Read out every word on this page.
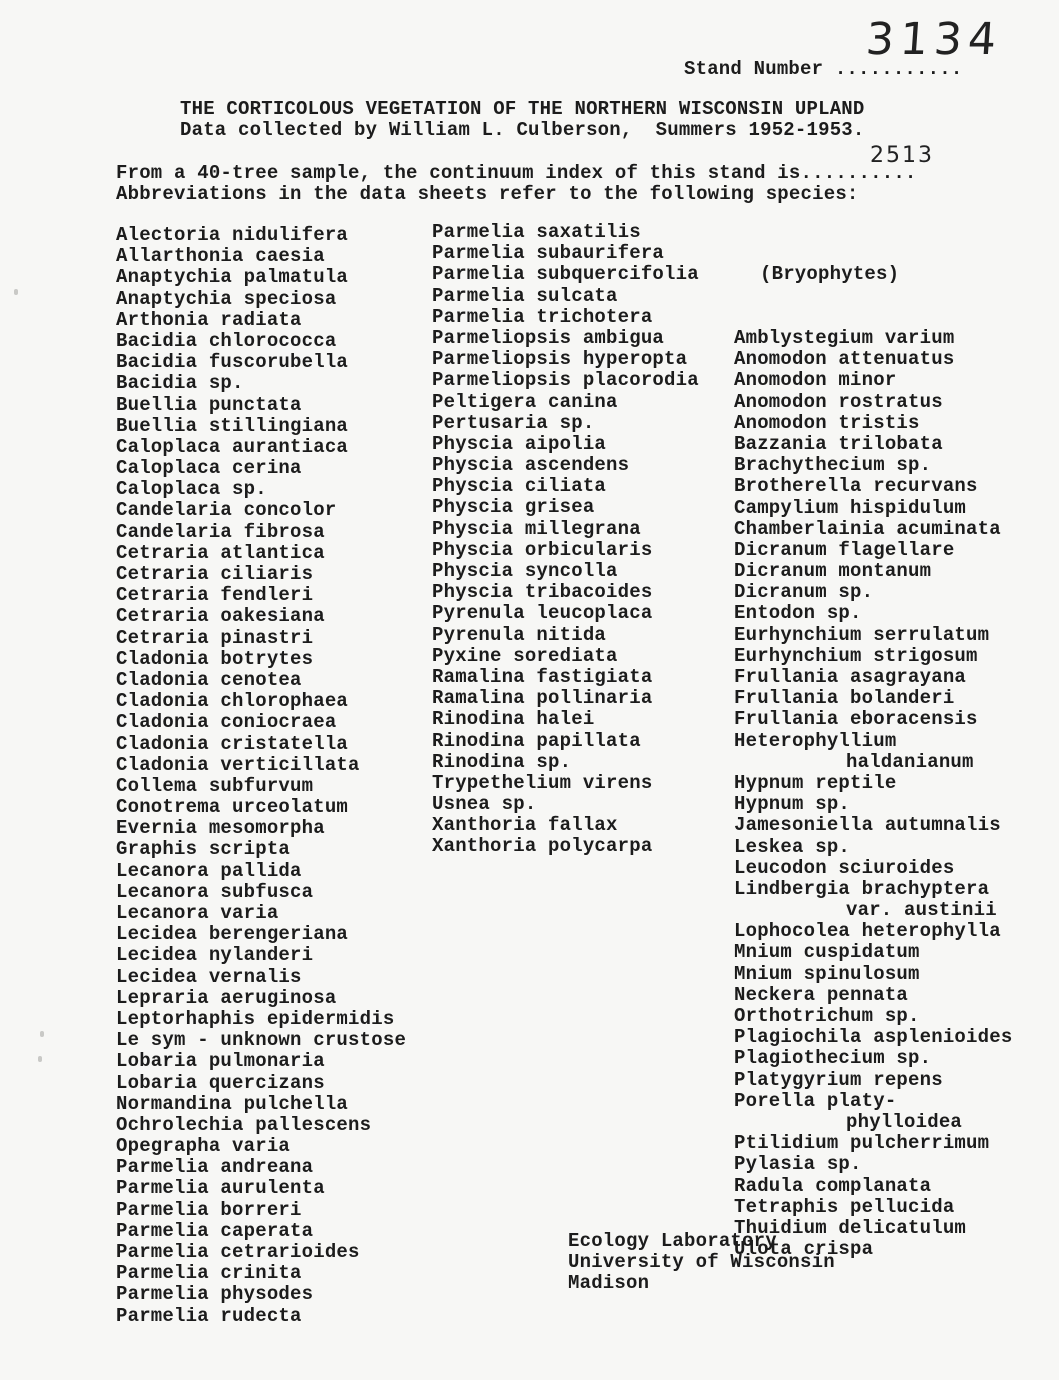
3134
Stand Number ...........
THE CORTICOLOUS VEGETATION OF THE NORTHERN WISCONSIN UPLAND
Data collected by William L. Culberson,  Summers 1952-1953.
2513
From a 40-tree sample, the continuum index of this stand is..........
Abbreviations in the data sheets refer to the following species:
Alectoria nidulifera
Allarthonia caesia
Anaptychia palmatula
Anaptychia speciosa
Arthonia radiata
Bacidia chlorococca
Bacidia fuscorubella
Bacidia sp.
Buellia punctata
Buellia stillingiana
Caloplaca aurantiaca
Caloplaca cerina
Caloplaca sp.
Candelaria concolor
Candelaria fibrosa
Cetraria atlantica
Cetraria ciliaris
Cetraria fendleri
Cetraria oakesiana
Cetraria pinastri
Cladonia botrytes
Cladonia cenotea
Cladonia chlorophaea
Cladonia coniocraea
Cladonia cristatella
Cladonia verticillata
Collema subfurvum
Conotrema urceolatum
Evernia mesomorpha
Graphis scripta
Lecanora pallida
Lecanora subfusca
Lecanora varia
Lecidea berengeriana
Lecidea nylanderi
Lecidea vernalis
Lepraria aeruginosa
Leptorhaphis epidermidis
Le sym - unknown crustose
Lobaria pulmonaria
Lobaria quercizans
Normandina pulchella
Ochrolechia pallescens
Opegrapha varia
Parmelia andreana
Parmelia aurulenta
Parmelia borreri
Parmelia caperata
Parmelia cetrarioides
Parmelia crinita
Parmelia physodes
Parmelia rudecta
Parmelia saxatilis
Parmelia subaurifera
Parmelia subquercifolia
Parmelia sulcata
Parmelia trichotera
Parmeliopsis ambigua
Parmeliopsis hyperopta
Parmeliopsis placorodia
Peltigera canina
Pertusaria sp.
Physcia aipolia
Physcia ascendens
Physcia ciliata
Physcia grisea
Physcia millegrana
Physcia orbicularis
Physcia syncolla
Physcia tribacoides
Pyrenula leucoplaca
Pyrenula nitida
Pyxine sorediata
Ramalina fastigiata
Ramalina pollinaria
Rinodina halei
Rinodina papillata
Rinodina sp.
Trypethelium virens
Usnea sp.
Xanthoria fallax
Xanthoria polycarpa

(Bryophytes)

Amblystegium varium
Anomodon attenuatus
Anomodon minor
Anomodon rostratus
Anomodon tristis
Bazzania trilobata
Brachythecium sp.
Brotherella recurvans
Campylium hispidulum
Chamberlainia acuminata
Dicranum flagellare
Dicranum montanum
Dicranum sp.
Entodon sp.
Eurhynchium serrulatum
Eurhynchium strigosum
Frullania asagrayana
Frullania bolanderi
Frullania eboracensis
Heterophyllium
haldanianum
Hypnum reptile
Hypnum sp.
Jamesoniella autumnalis
Leskea sp.
Leucodon sciuroides
Lindbergia brachyptera
var. austinii
Lophocolea heterophylla
Mnium cuspidatum
Mnium spinulosum
Neckera pennata
Orthotrichum sp.
Plagiochila asplenioides
Plagiothecium sp.
Platygyrium repens
Porella platy-
phylloidea
Ptilidium pulcherrimum
Pylasia sp.
Radula complanata
Tetraphis pellucida
Thuidium delicatulum
Ulota crispa
Ecology Laboratory
University of Wisconsin
Madison
